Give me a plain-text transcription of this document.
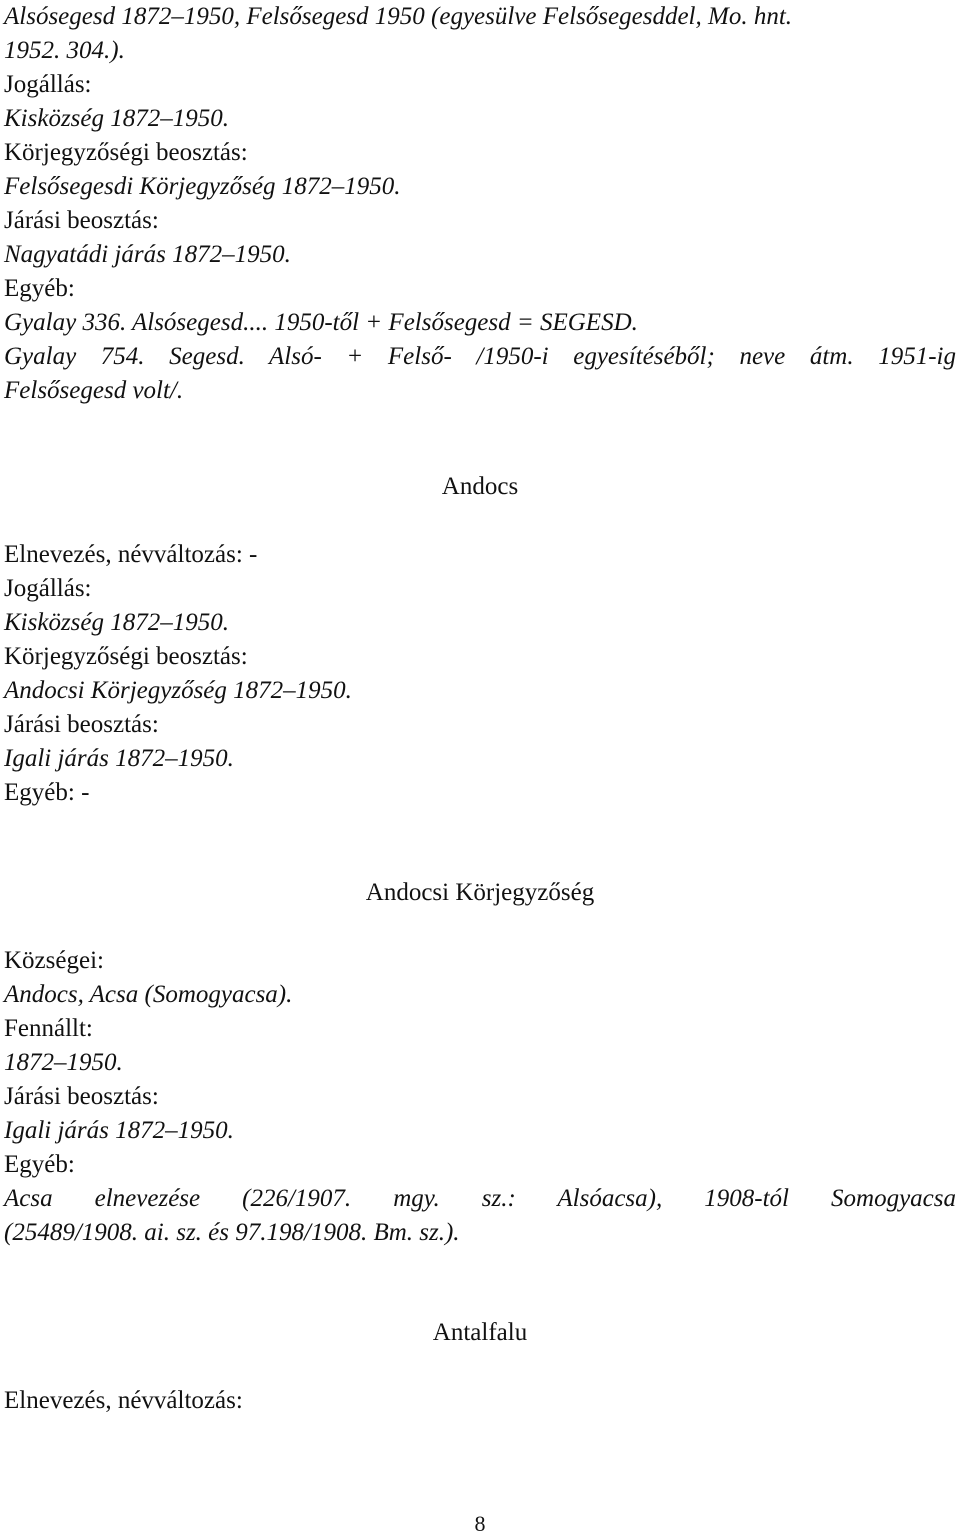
Alsósegesd 1872–1950, Felsősegesd 1950 (egyesülve Felsősegesddel, Mo. hnt.
1952. 304.).
Jogállás:
Kisközség 1872–1950.
Körjegyzőségi beosztás:
Felsősegesdi Körjegyzőség 1872–1950.
Járási beosztás:
Nagyatádi járás 1872–1950.
Egyéb:
Gyalay 336. Alsósegesd.... 1950-től + Felsősegesd = SEGESD.
Gyalay 754. Segesd. Alsó- + Felső- /1950-i egyesítéséből; neve átm. 1951-ig
Felsősegesd volt/.
Andocs
Elnevezés, névváltozás: -
Jogállás:
Kisközség 1872–1950.
Körjegyzőségi beosztás:
Andocsi Körjegyzőség 1872–1950.
Járási beosztás:
Igali járás 1872–1950.
Egyéb: -
Andocsi Körjegyzőség
Községei:
Andocs, Acsa (Somogyacsa).
Fennállt:
1872–1950.
Járási beosztás:
Igali járás 1872–1950.
Egyéb:
Acsa elnevezése (226/1907. mgy. sz.: Alsóacsa), 1908-tól Somogyacsa
(25489/1908. ai. sz. és 97.198/1908. Bm. sz.).
Antalfalu
Elnevezés, névváltozás:
8
